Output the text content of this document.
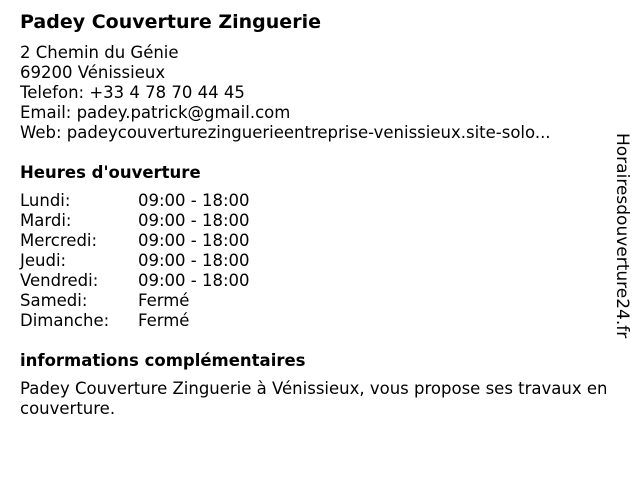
Padey Couverture Zinguerie
2 Chemin du Génie
69200 Vénissieux
Telefon: +33 4 78 70 44 45
Email: padey.patrick@gmail.com
Web: padeycouverturezinguerieentreprise-venissieux.site-solo...
Heures d'ouverture
Lundi:	09:00 - 18:00
Mardi:	09:00 - 18:00
Mercredi:	09:00 - 18:00
Jeudi:	09:00 - 18:00
Vendredi:	09:00 - 18:00
Samedi:	Fermé
Dimanche:	Fermé
informations complémentaires
Padey Couverture Zinguerie à Vénissieux, vous propose ses travaux en couverture.
Horairesdouverture24.fr
